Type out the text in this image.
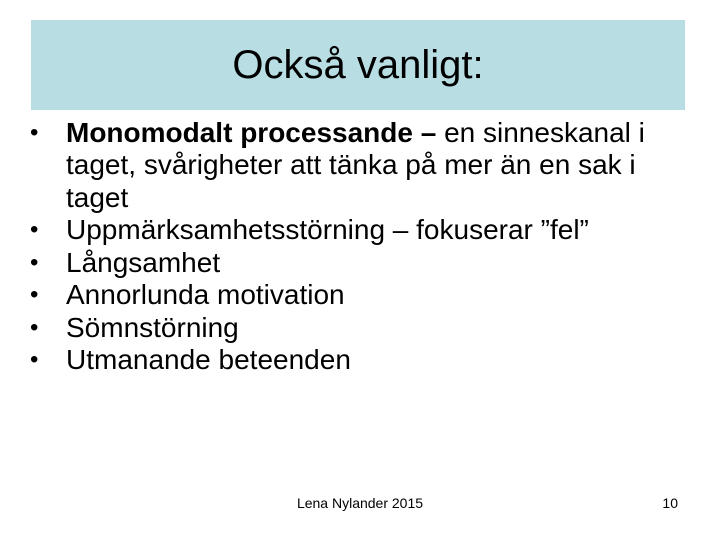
Också vanligt:
• Monomodalt processande – en sinneskanal i taget, svårigheter att tänka på mer än en sak i taget
• Uppmärksamhetsstörning – fokuserar ”fel”
• Långsamhet
• Annorlunda motivation
• Sömnstörning
• Utmanande beteenden
Lena Nylander 2015	10
